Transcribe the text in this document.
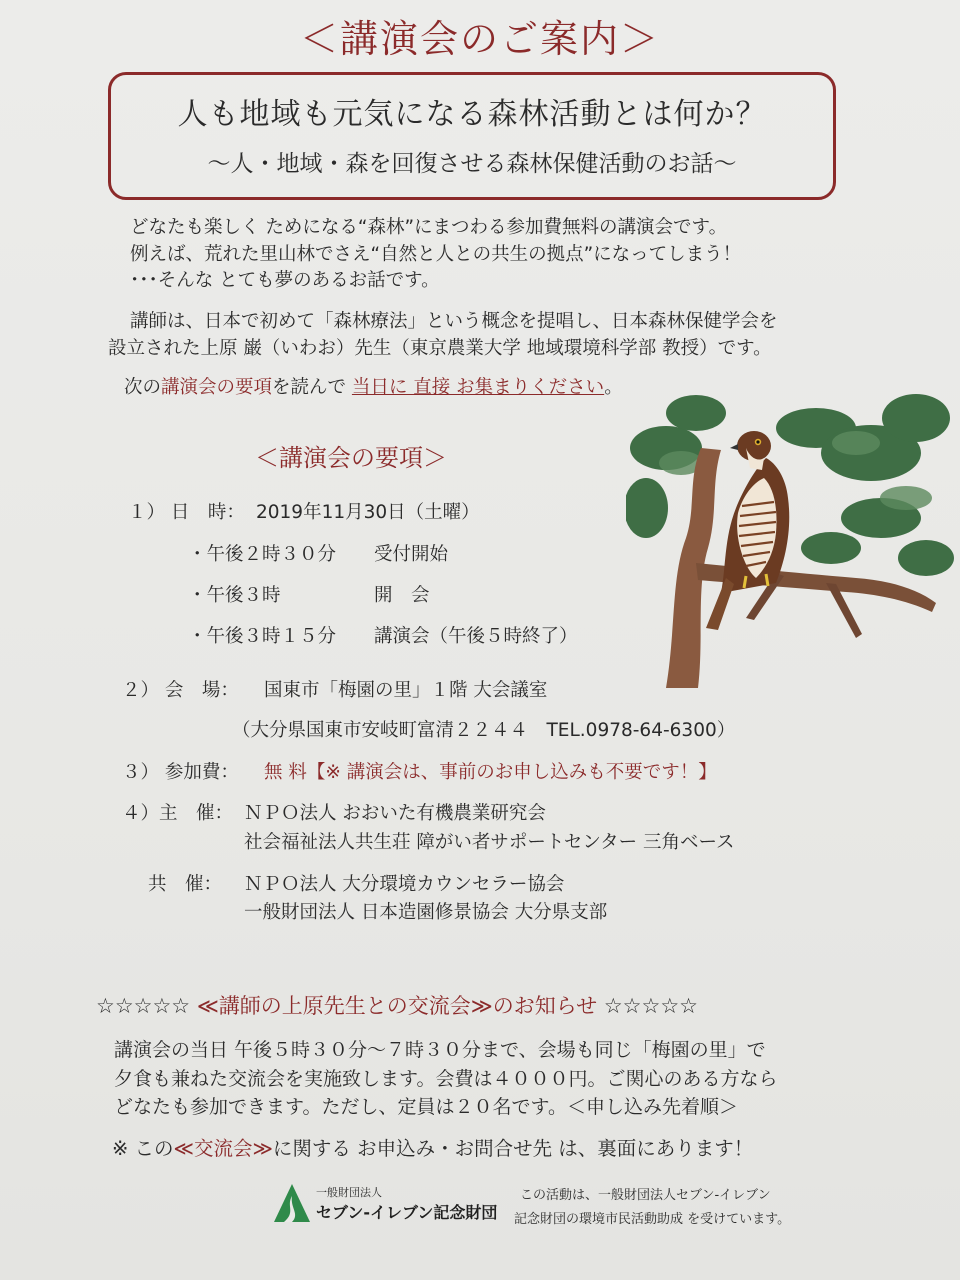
＜講演会のご案内＞
人も地域も元気になる森林活動とは何か？
〜人・地域・森を回復させる森林保健活動のお話〜
どなたも楽しく ためになる“森林”にまつわる参加費無料の講演会です。
例えば、荒れた里山林でさえ“自然と人との共生の拠点”になってしまう！
･･･そんな とても夢のあるお話です。
講師は、日本で初めて「森林療法」という概念を提唱し、日本森林保健学会を
設立された上原 巌（いわお）先生（東京農業大学 地域環境科学部 教授）です。
次の講演会の要項を読んで 当日に 直接 お集まりください。
＜講演会の要項＞
１） 日　時： 2019年11月30日（土曜）
・午後２時３０分 受付開始
・午後３時	開　会
・午後３時１５分 講演会（午後５時終了）
２） 会　場： 国東市「梅園の里」１階 大会議室
（大分県国東市安岐町富清２２４４　TEL.0978-64-6300）
３） 参加費： 無 料【※ 講演会は、事前のお申し込みも不要です！】
４）主　催： ＮＰＯ法人 おおいた有機農業研究会
社会福祉法人共生荘 障がい者サポートセンター 三角ベース
共　催： ＮＰＯ法人 大分環境カウンセラー協会
一般財団法人 日本造園修景協会 大分県支部
☆☆☆☆☆ ≪講師の上原先生との交流会≫のお知らせ ☆☆☆☆☆
講演会の当日 午後５時３０分〜７時３０分まで、会場も同じ「梅園の里」で
夕食も兼ねた交流会を実施致します。会費は４０００円。ご関心のある方なら
どなたも参加できます。ただし、定員は２０名です。＜申し込み先着順＞
※ この≪交流会≫に関する お申込み・お問合せ先 は、裏面にあります！
一般財団法人
セブン-イレブン記念財団
この活動は、一般財団法人セブン-イレブン
記念財団の環境市民活動助成 を受けています。
